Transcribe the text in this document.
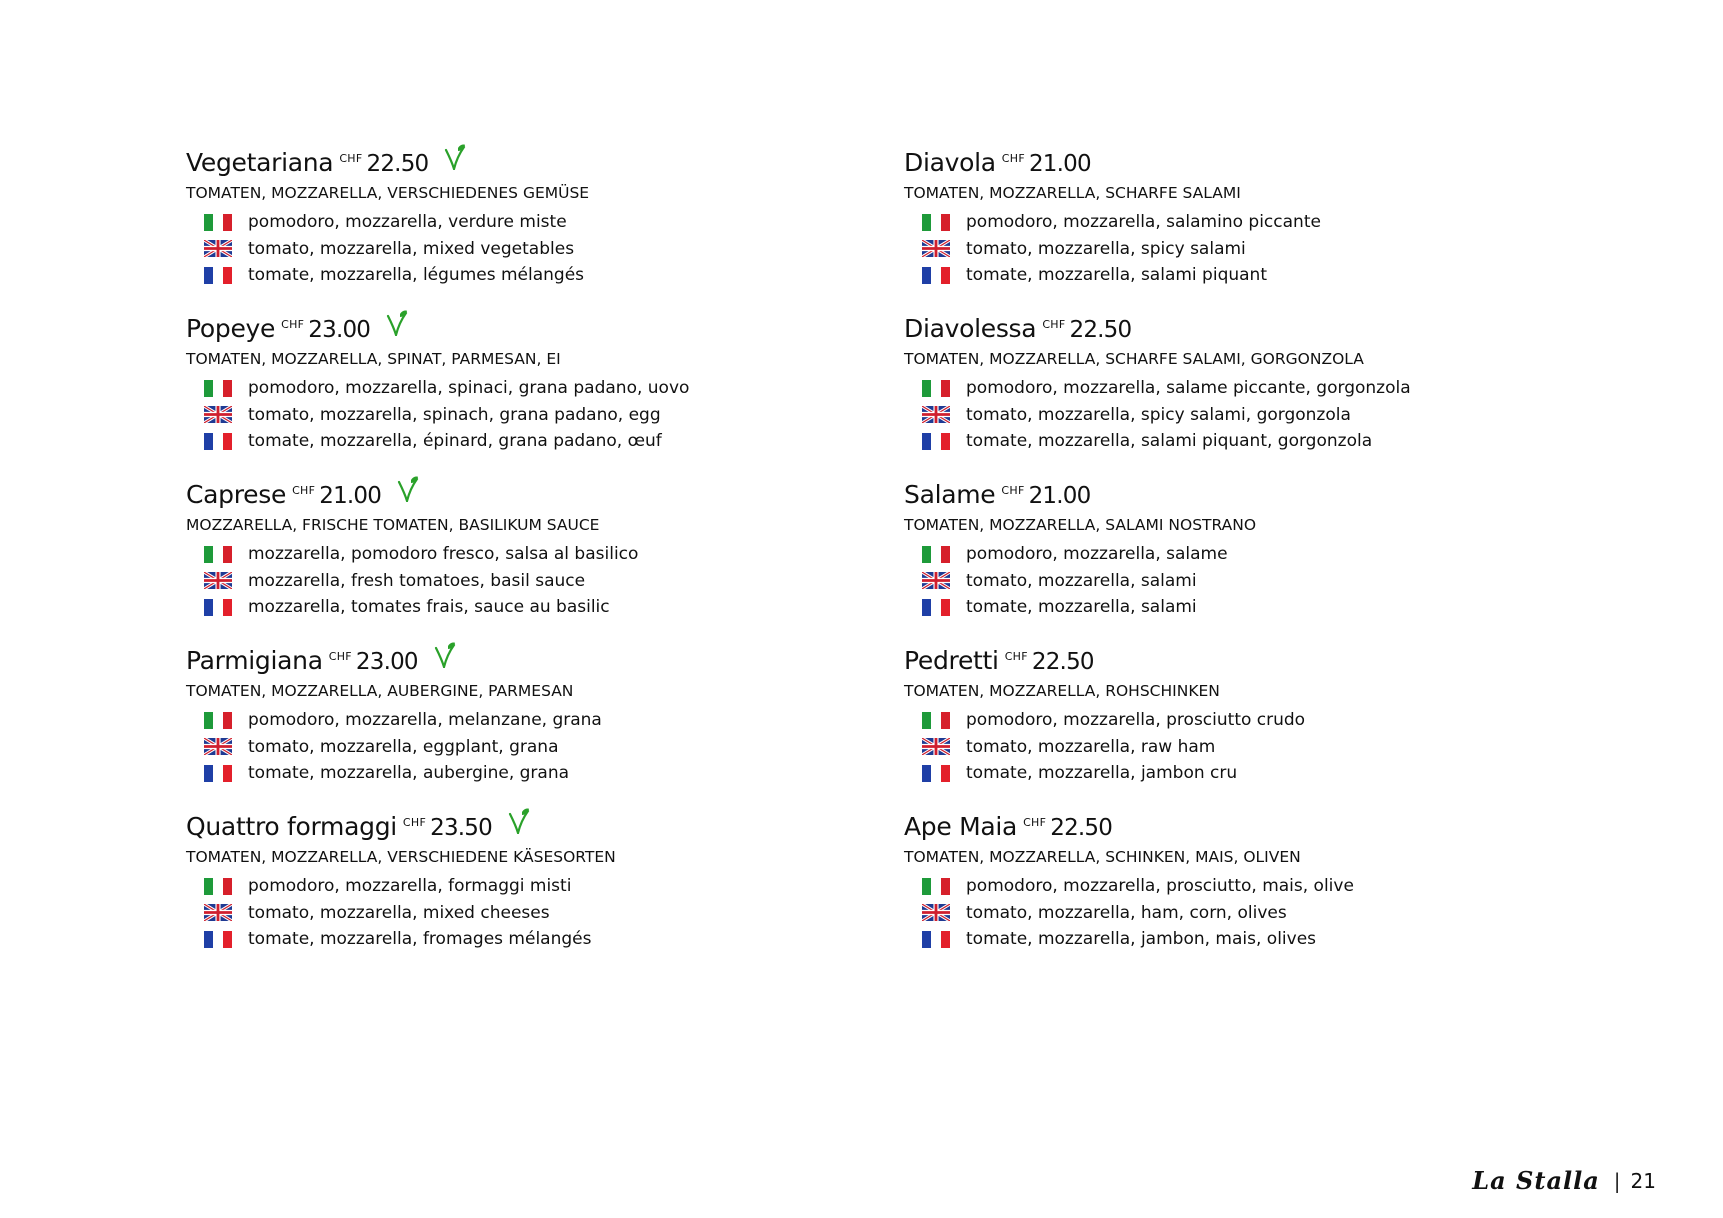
Vegetariana CHF 22.50
TOMATEN, MOZZARELLA, VERSCHIEDENES GEMÜSE
pomodoro, mozzarella, verdure miste
tomato, mozzarella, mixed vegetables
tomate, mozzarella, légumes mélangés
Popeye CHF 23.00
TOMATEN, MOZZARELLA, SPINAT, PARMESAN, EI
pomodoro, mozzarella, spinaci, grana padano, uovo
tomato, mozzarella, spinach, grana padano, egg
tomate, mozzarella, épinard, grana padano, œuf
Caprese CHF 21.00
MOZZARELLA, FRISCHE TOMATEN, BASILIKUM SAUCE
mozzarella, pomodoro fresco, salsa al basilico
mozzarella, fresh tomatoes, basil sauce
mozzarella, tomates frais, sauce au basilic
Parmigiana CHF 23.00
TOMATEN, MOZZARELLA, AUBERGINE, PARMESAN
pomodoro, mozzarella, melanzane, grana
tomato, mozzarella, eggplant, grana
tomate, mozzarella, aubergine, grana
Quattro formaggi CHF 23.50
TOMATEN, MOZZARELLA, VERSCHIEDENE KÄSESORTEN
pomodoro, mozzarella, formaggi misti
tomato, mozzarella, mixed cheeses
tomate, mozzarella, fromages mélangés
Diavola CHF 21.00
TOMATEN, MOZZARELLA, SCHARFE SALAMI
pomodoro, mozzarella, salamino piccante
tomato, mozzarella, spicy salami
tomate, mozzarella, salami piquant
Diavolessa CHF 22.50
TOMATEN, MOZZARELLA, SCHARFE SALAMI, GORGONZOLA
pomodoro, mozzarella, salame piccante, gorgonzola
tomato, mozzarella, spicy salami, gorgonzola
tomate, mozzarella, salami piquant, gorgonzola
Salame CHF 21.00
TOMATEN, MOZZARELLA, SALAMI NOSTRANO
pomodoro, mozzarella, salame
tomato, mozzarella, salami
tomate, mozzarella, salami
Pedretti CHF 22.50
TOMATEN, MOZZARELLA, ROHSCHINKEN
pomodoro, mozzarella, prosciutto crudo
tomato, mozzarella, raw ham
tomate, mozzarella, jambon cru
Ape Maia CHF 22.50
TOMATEN, MOZZARELLA, SCHINKEN, MAIS, OLIVEN
pomodoro, mozzarella, prosciutto, mais, olive
tomato, mozzarella, ham, corn, olives
tomate, mozzarella, jambon, mais, olives
La Stalla | 21
